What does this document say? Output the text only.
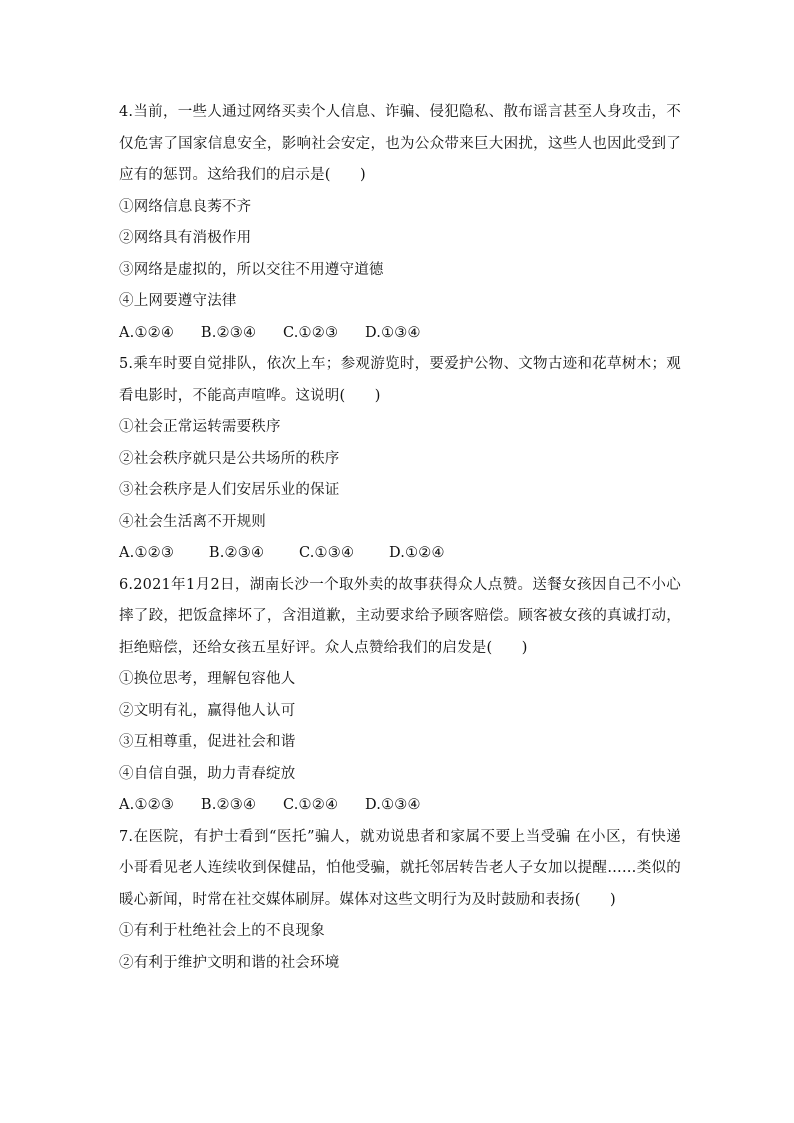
4.当前，一些人通过网络买卖个人信息、诈骗、侵犯隐私、散布谣言甚至人身攻击，不仅危害了国家信息安全，影响社会安定，也为公众带来巨大困扰，这些人也因此受到了应有的惩罚。这给我们的启示是(　　)
①网络信息良莠不齐
②网络具有消极作用
③网络是虚拟的，所以交往不用遵守道德
④上网要遵守法律
A.①②④ B.②③④ C.①②③ D.①③④
5.乘车时要自觉排队，依次上车；参观游览时，要爱护公物、文物古迹和花草树木；观看电影时，不能高声喧哗。这说明(　　)
①社会正常运转需要秩序
②社会秩序就只是公共场所的秩序
③社会秩序是人们安居乐业的保证
④社会生活离不开规则
A.①②③ B.②③④ C.①③④ D.①②④
6.2021年1月2日，湖南长沙一个取外卖的故事获得众人点赞。送餐女孩因自己不小心摔了跤，把饭盒摔坏了，含泪道歉，主动要求给予顾客赔偿。顾客被女孩的真诚打动，拒绝赔偿，还给女孩五星好评。众人点赞给我们的启发是(　　)
①换位思考，理解包容他人
②文明有礼，赢得他人认可
③互相尊重，促进社会和谐
④自信自强，助力青春绽放
A.①②③ B.②③④ C.①②④ D.①③④
7.在医院，有护士看到“医托”骗人，就劝说患者和家属不要上当受骗 在小区，有快递小哥看见老人连续收到保健品，怕他受骗，就托邻居转告老人子女加以提醒……类似的暖心新闻，时常在社交媒体刷屏。媒体对这些文明行为及时鼓励和表扬(　　)
①有利于杜绝社会上的不良现象
②有利于维护文明和谐的社会环境
